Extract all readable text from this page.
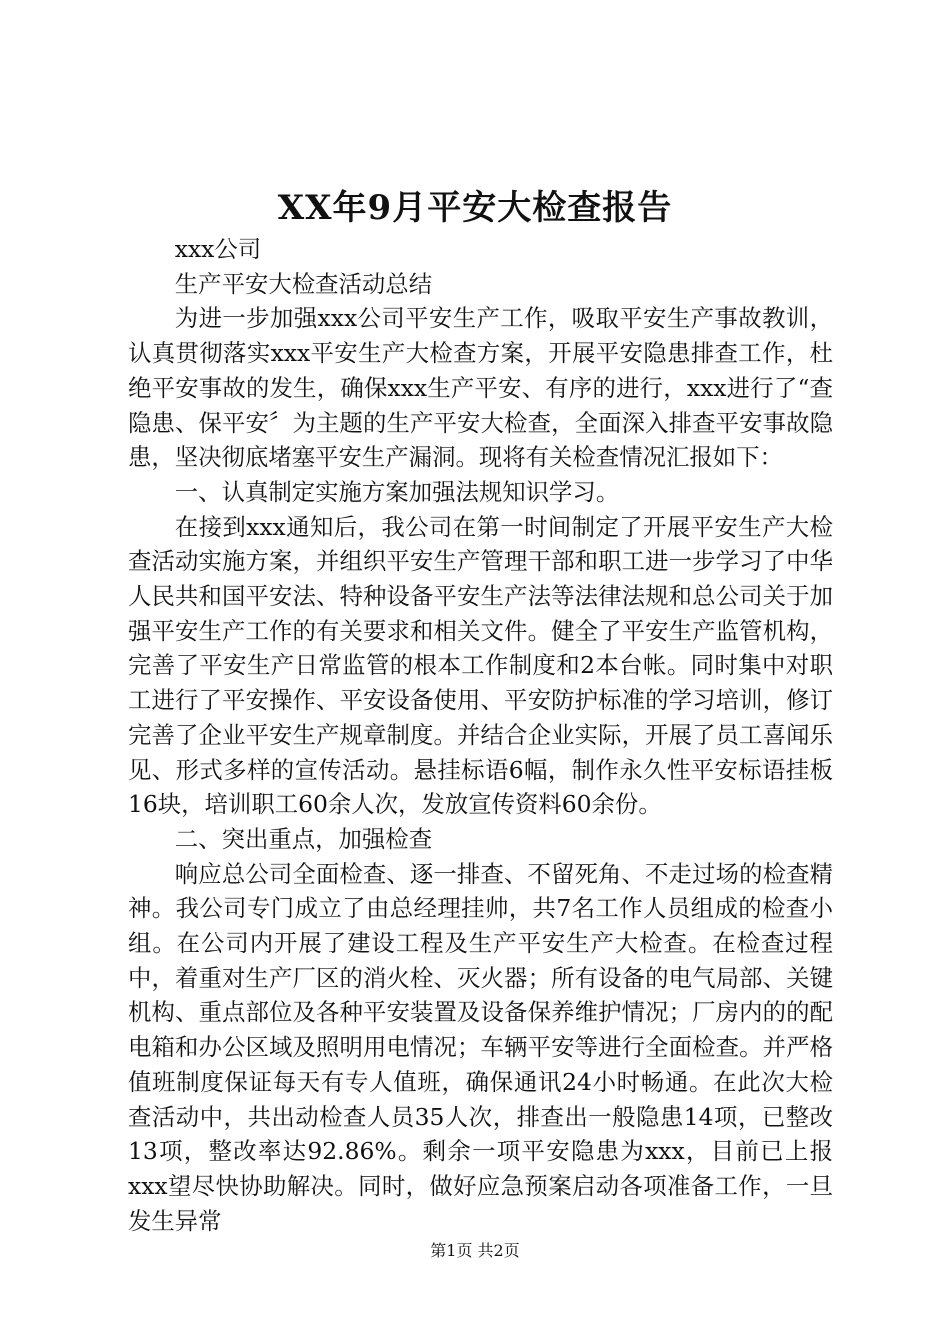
XX年9月平安大检查报告

xxx公司

生产平安大检查活动总结

为进一步加强xxx公司平安生产工作，吸取平安生产事故教训，认真贯彻落实xxx平安生产大检查方案，开展平安隐患排查工作，杜绝平安事故的发生，确保xxx生产平安、有序的进行，xxx进行了“查隐患、保平安〞为主题的生产平安大检查，全面深入排查平安事故隐患，坚决彻底堵塞平安生产漏洞。现将有关检查情况汇报如下：

一、认真制定实施方案加强法规知识学习。

在接到xxx通知后，我公司在第一时间制定了开展平安生产大检查活动实施方案，并组织平安生产管理干部和职工进一步学习了中华人民共和国平安法、特种设备平安生产法等法律法规和总公司关于加强平安生产工作的有关要求和相关文件。健全了平安生产监管机构，完善了平安生产日常监管的根本工作制度和2本台帐。同时集中对职工进行了平安操作、平安设备使用、平安防护标准的学习培训，修订完善了企业平安生产规章制度。并结合企业实际，开展了员工喜闻乐见、形式多样的宣传活动。悬挂标语6幅，制作永久性平安标语挂板16块，培训职工60余人次，发放宣传资料60余份。

二、突出重点，加强检查

响应总公司全面检查、逐一排查、不留死角、不走过场的检查精神。我公司专门成立了由总经理挂帅，共7名工作人员组成的检查小组。在公司内开展了建设工程及生产平安生产大检查。在检查过程中，着重对生产厂区的消火栓、灭火器；所有设备的电气局部、关键机构、重点部位及各种平安装置及设备保养维护情况；厂房内的的配电箱和办公区域及照明用电情况；车辆平安等进行全面检查。并严格值班制度保证每天有专人值班，确保通讯24小时畅通。在此次大检查活动中，共出动检查人员35人次，排查出一般隐患14项，已整改13项，整改率达92.86%。剩余一项平安隐患为xxx，目前已上报xxx望尽快协助解决。同时，做好应急预案启动各项准备工作，一旦发生异常

第1页 共2页
